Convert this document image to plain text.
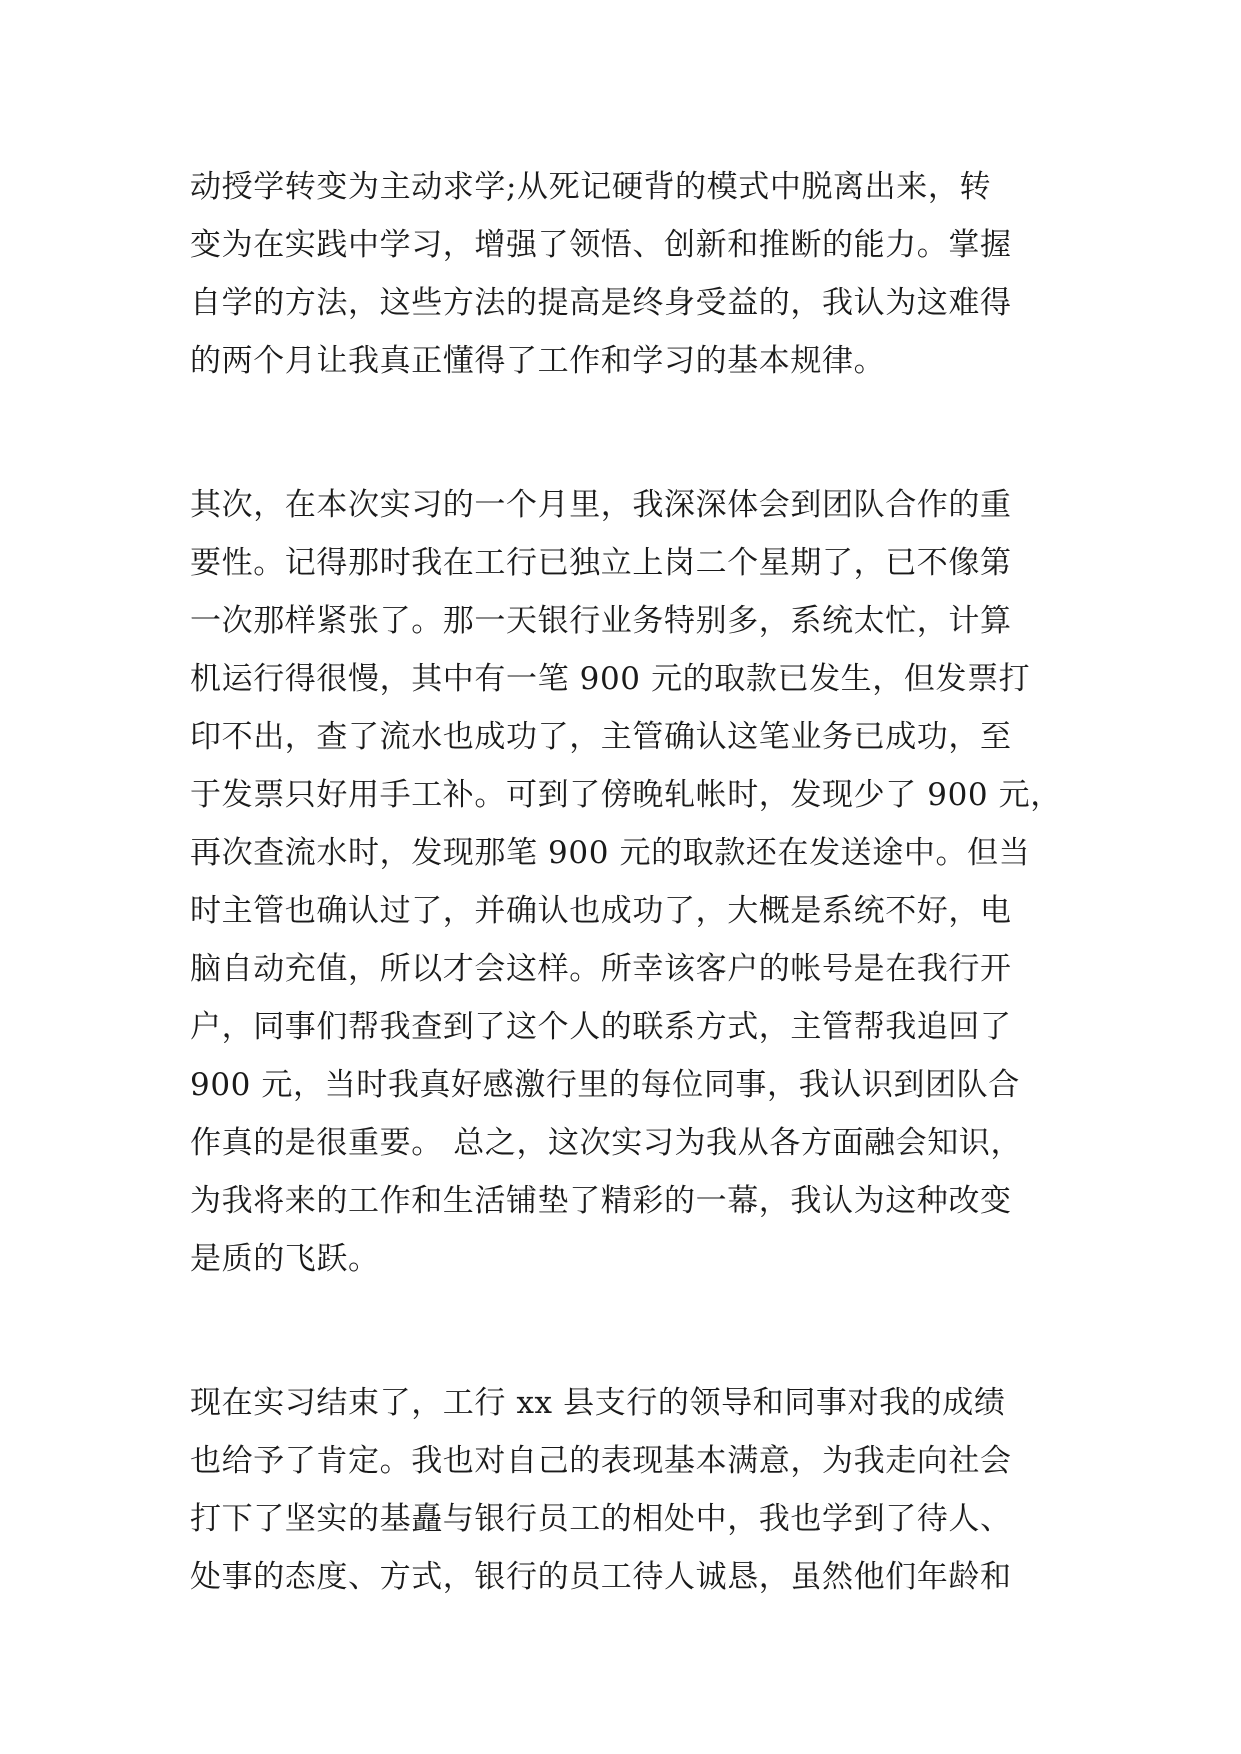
动授学转变为主动求学;从死记硬背的模式中脱离出来，转
变为在实践中学习，增强了领悟、创新和推断的能力。掌握
自学的方法，这些方法的提高是终身受益的，我认为这难得
的两个月让我真正懂得了工作和学习的基本规律。
其次，在本次实习的一个月里，我深深体会到团队合作的重
要性。记得那时我在工行已独立上岗二个星期了，已不像第
一次那样紧张了。那一天银行业务特别多，系统太忙，计算
机运行得很慢，其中有一笔 900 元的取款已发生，但发票打
印不出，查了流水也成功了，主管确认这笔业务已成功，至
于发票只好用手工补。可到了傍晚轧帐时，发现少了 900 元，
再次查流水时，发现那笔 900 元的取款还在发送途中。但当
时主管也确认过了，并确认也成功了，大概是系统不好，电
脑自动充值，所以才会这样。所幸该客户的帐号是在我行开
户，同事们帮我查到了这个人的联系方式，主管帮我追回了
900 元，当时我真好感激行里的每位同事，我认识到团队合
作真的是很重要。 总之，这次实习为我从各方面融会知识，
为我将来的工作和生活铺垫了精彩的一幕，我认为这种改变
是质的飞跃。
现在实习结束了，工行 xx 县支行的领导和同事对我的成绩
也给予了肯定。我也对自己的表现基本满意，为我走向社会
打下了坚实的基矗与银行员工的相处中，我也学到了待人、
处事的态度、方式，银行的员工待人诚恳，虽然他们年龄和
